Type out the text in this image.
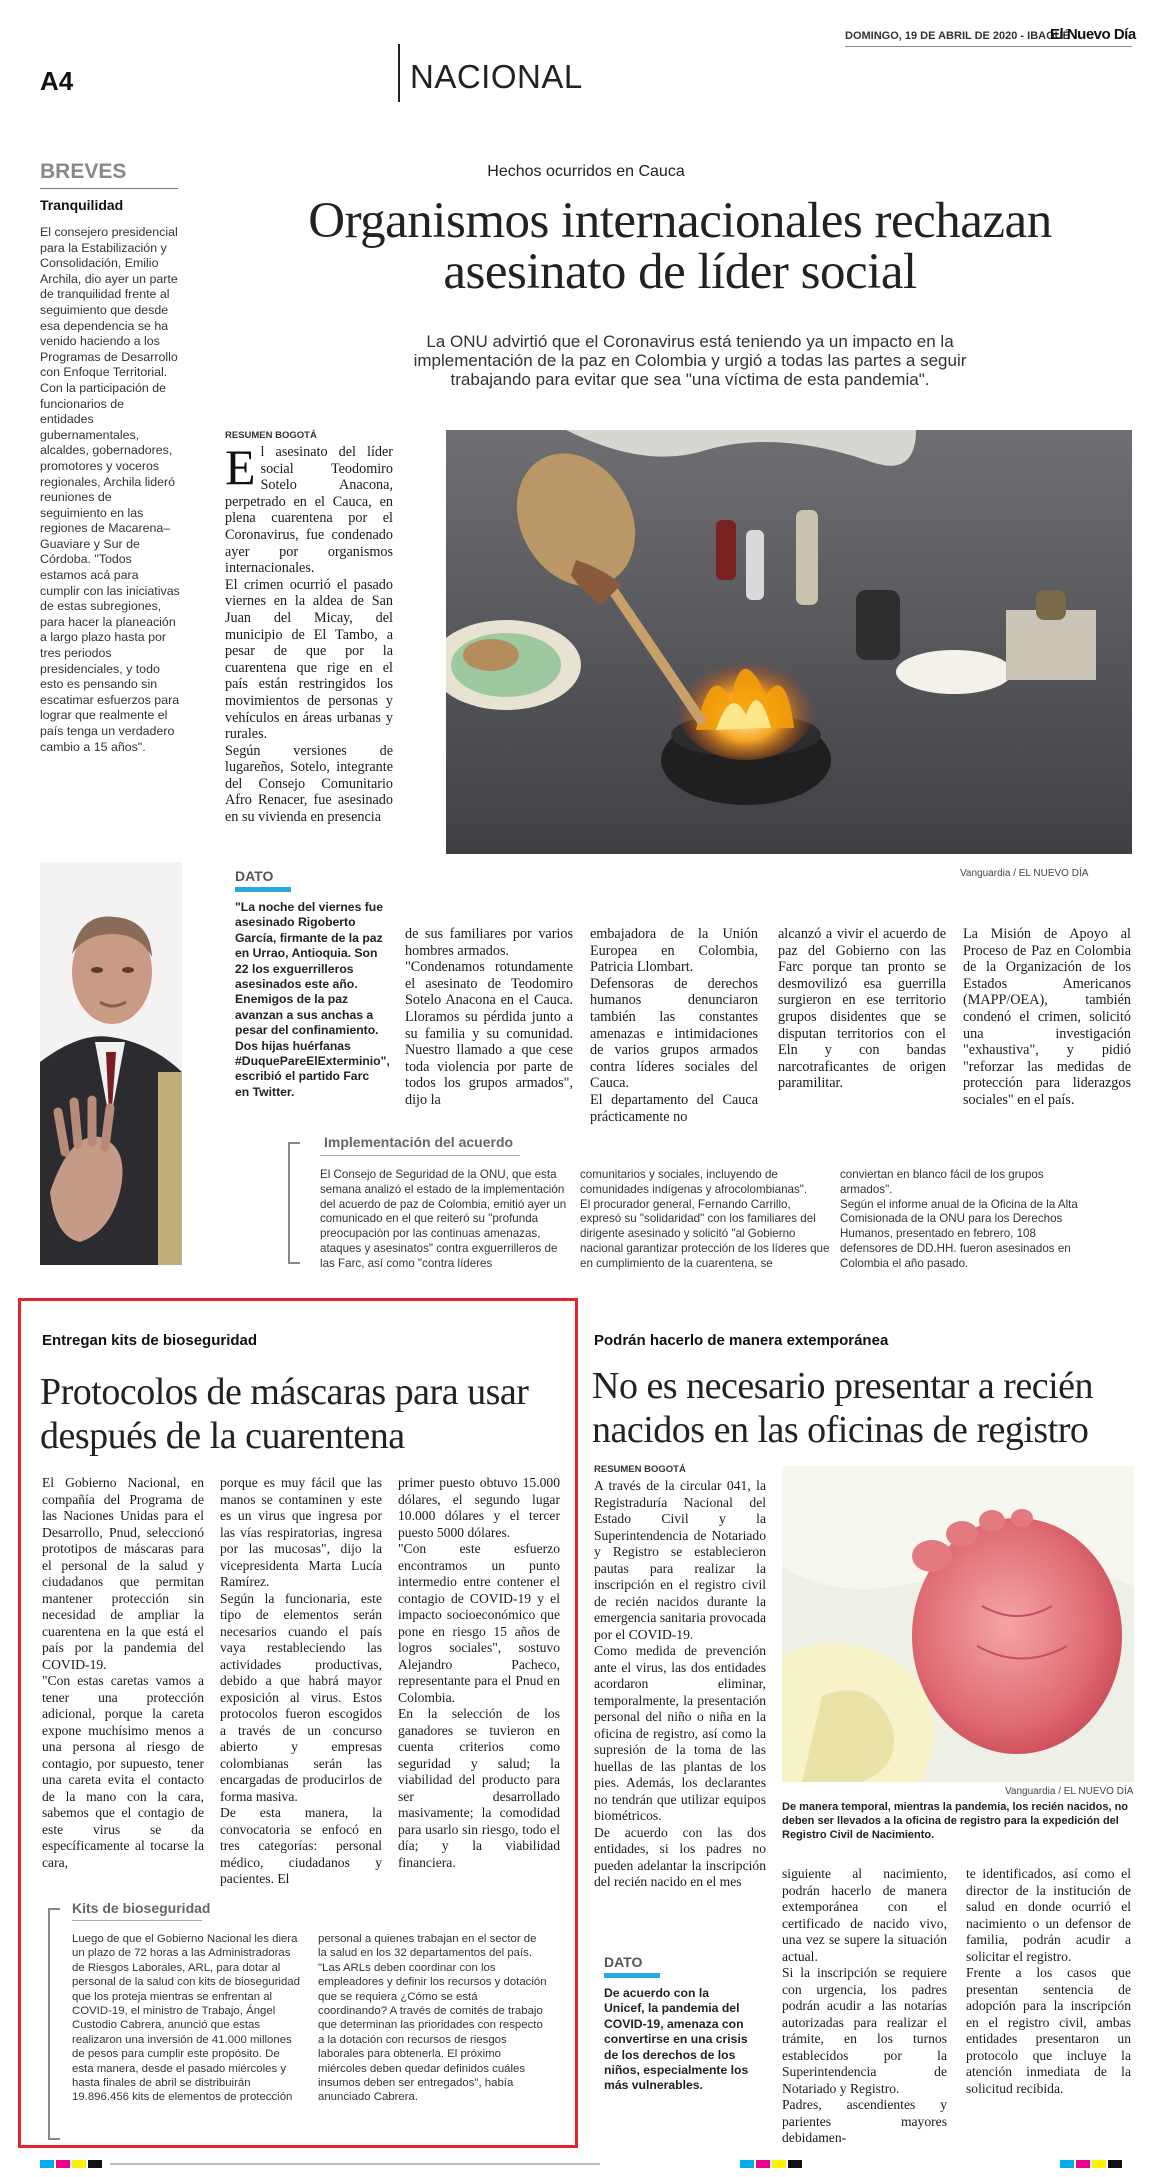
DOMINGO, 19 DE ABRIL DE 2020 - IBAGUÉ
El Nuevo Día
A4	NACIONAL
BREVES
Tranquilidad
El consejero presidencial para la Estabilización y Consolidación, Emilio Archila, dio ayer un parte de tranquilidad frente al seguimiento que desde esa dependencia se ha venido haciendo a los Programas de Desarrollo con Enfoque Territorial. Con la participación de funcionarios de entidades gubernamentales, alcaldes, gobernadores, promotores y voceros regionales, Archila lideró reuniones de seguimiento en las regiones de Macarena–Guaviare y Sur de Córdoba. "Todos estamos acá para cumplir con las iniciativas de estas subregiones, para hacer la planeación a largo plazo hasta por tres periodos presidenciales, y todo esto es pensando sin escatimar esfuerzos para lograr que realmente el país tenga un verdadero cambio a 15 años".
Hechos ocurridos en Cauca
Organismos internacionales rechazan asesinato de líder social
La ONU advirtió que el Coronavirus está teniendo ya un impacto en la implementación de la paz en Colombia y urgió a todas las partes a seguir trabajando para evitar que sea "una víctima de esta pandemia".
RESUMEN BOGOTÁ
E l asesinato del líder social Teodomiro Sotelo Anacona, perpetrado en el Cauca, en plena cuarentena por el Coronavirus, fue condenado ayer por organismos internacionales.
El crimen ocurrió el pasado viernes en la aldea de San Juan del Micay, del municipio de El Tambo, a pesar de que por la cuarentena que rige en el país están restringidos los movimientos de personas y vehículos en áreas urbanas y rurales.
Según versiones de lugareños, Sotelo, integrante del Consejo Comunitario Afro Renacer, fue asesinado en su vivienda en presencia
Vanguardia / EL NUEVO DÍA
DATO
"La noche del viernes fue asesinado Rigoberto García, firmante de la paz en Urrao, Antioquia. Son 22 los exguerrilleros asesinados este año. Enemigos de la paz avanzan a sus anchas a pesar del confinamiento. Dos hijas huérfanas #DuquePareElExterminio", escribió el partido Farc en Twitter.
de sus familiares por varios hombres armados.
"Condenamos rotundamente el asesinato de Teodomiro Sotelo Anacona en el Cauca. Lloramos su pérdida junto a su familia y su comunidad. Nuestro llamado a que cese toda violencia por parte de todos los grupos armados", dijo la
embajadora de la Unión Europea en Colombia, Patricia Llombart.
Defensoras de derechos humanos denunciaron también las constantes amenazas e intimidaciones de varios grupos armados contra líderes sociales del Cauca.
El departamento del Cauca prácticamente no
alcanzó a vivir el acuerdo de paz del Gobierno con las Farc porque tan pronto se desmovilizó esa guerrilla surgieron en ese territorio grupos disidentes que se disputan territorios con el Eln y con bandas narcotraficantes de origen paramilitar.
La Misión de Apoyo al Proceso de Paz en Colombia de la Organización de los Estados Americanos (MAPP/OEA), también condenó el crimen, solicitó una investigación "exhaustiva", y pidió "reforzar las medidas de protección para liderazgos sociales" en el país.
Implementación del acuerdo
El Consejo de Seguridad de la ONU, que esta semana analizó el estado de la implementación del acuerdo de paz de Colombia, emitió ayer un comunicado en el que reiteró su "profunda preocupación por las continuas amenazas, ataques y asesinatos" contra exguerrilleros de las Farc, así como "contra líderes
comunitarios y sociales, incluyendo de comunidades indígenas y afrocolombianas".
El procurador general, Fernando Carrillo, expresó su "solidaridad" con los familiares del dirigente asesinado y solicitó "al Gobierno nacional garantizar protección de los líderes que en cumplimiento de la cuarentena, se
conviertan en blanco fácil de los grupos armados".
Según el informe anual de la Oficina de la Alta Comisionada de la ONU para los Derechos Humanos, presentado en febrero, 108 defensores de DD.HH. fueron asesinados en Colombia el año pasado.
Entregan kits de bioseguridad
Protocolos de máscaras para usar después de la cuarentena
El Gobierno Nacional, en compañía del Programa de las Naciones Unidas para el Desarrollo, Pnud, seleccionó prototipos de máscaras para el personal de la salud y ciudadanos que permitan mantener protección sin necesidad de ampliar la cuarentena en la que está el país por la pandemia del COVID-19.
"Con estas caretas vamos a tener una protección adicional, porque la careta expone muchísimo menos a una persona al riesgo de contagio, por supuesto, tener una careta evita el contacto de la mano con la cara, sabemos que el contagio de este virus se da específicamente al tocarse la cara,
porque es muy fácil que las manos se contaminen y este es un virus que ingresa por las vías respiratorias, ingresa por las mucosas", dijo la vicepresidenta Marta Lucía Ramírez.
Según la funcionaria, este tipo de elementos serán necesarios cuando el país vaya restableciendo las actividades productivas, debido a que habrá mayor exposición al virus. Estos protocolos fueron escogidos a través de un concurso abierto y empresas colombianas serán las encargadas de producirlos de forma masiva.
De esta manera, la convocatoria se enfocó en tres categorías: personal médico, ciudadanos y pacientes. El
primer puesto obtuvo 15.000 dólares, el segundo lugar 10.000 dólares y el tercer puesto 5000 dólares.
"Con este esfuerzo encontramos un punto intermedio entre contener el contagio de COVID-19 y el impacto socioeconómico que pone en riesgo 15 años de logros sociales", sostuvo Alejandro Pacheco, representante para el Pnud en Colombia.
En la selección de los ganadores se tuvieron en cuenta criterios como seguridad y salud; la viabilidad del producto para ser desarrollado masivamente; la comodidad para usarlo sin riesgo, todo el día; y la viabilidad financiera.
Kits de bioseguridad
Luego de que el Gobierno Nacional les diera un plazo de 72 horas a las Administradoras de Riesgos Laborales, ARL, para dotar al personal de la salud con kits de bioseguridad que los proteja mientras se enfrentan al COVID-19, el ministro de Trabajo, Ángel Custodio Cabrera, anunció que estas realizaron una inversión de 41.000 millones de pesos para cumplir este propósito. De esta manera, desde el pasado miércoles y hasta finales de abril se distribuirán 19.896.456 kits de elementos de protección
personal a quienes trabajan en el sector de la salud en los 32 departamentos del país.
"Las ARLs deben coordinar con los empleadores y definir los recursos y dotación que se requiera ¿Cómo se está coordinando? A través de comités de trabajo que determinan las prioridades con respecto a la dotación con recursos de riesgos laborales para obtenerla. El próximo miércoles deben quedar definidos cuáles insumos deben ser entregados", había anunciado Cabrera.
Podrán hacerlo de manera extemporánea
No es necesario presentar a recién nacidos en las oficinas de registro
RESUMEN BOGOTÁ
A través de la circular 041, la Registraduría Nacional del Estado Civil y la Superintendencia de Notariado y Registro se establecieron pautas para realizar la inscripción en el registro civil de recién nacidos durante la emergencia sanitaria provocada por el COVID-19.
Como medida de prevención ante el virus, las dos entidades acordaron eliminar, temporalmente, la presentación personal del niño o niña en la oficina de registro, así como la supresión de la toma de las huellas de las plantas de los pies. Además, los declarantes no tendrán que utilizar equipos biométricos.
De acuerdo con las dos entidades, si los padres no pueden adelantar la inscripción del recién nacido en el mes
Vanguardia / EL NUEVO DÍA
De manera temporal, mientras la pandemia, los recién nacidos, no deben ser llevados a la oficina de registro para la expedición del Registro Civil de Nacimiento.
DATO
De acuerdo con la Unicef, la pandemia del COVID-19, amenaza con convertirse en una crisis de los derechos de los niños, especialmente los más vulnerables.
siguiente al nacimiento, podrán hacerlo de manera extemporánea con el certificado de nacido vivo, una vez se supere la situación actual.
Si la inscripción se requiere con urgencia, los padres podrán acudir a las notarías autorizadas para realizar el trámite, en los turnos establecidos por la Superintendencia de Notariado y Registro.
Padres, ascendientes y parientes mayores debidamen-
te identificados, así como el director de la institución de salud en donde ocurrió el nacimiento o un defensor de familia, podrán acudir a solicitar el registro.
Frente a los casos que presentan sentencia de adopción para la inscripción en el registro civil, ambas entidades presentaron un protocolo que incluye la atención inmediata de la solicitud recibida.
